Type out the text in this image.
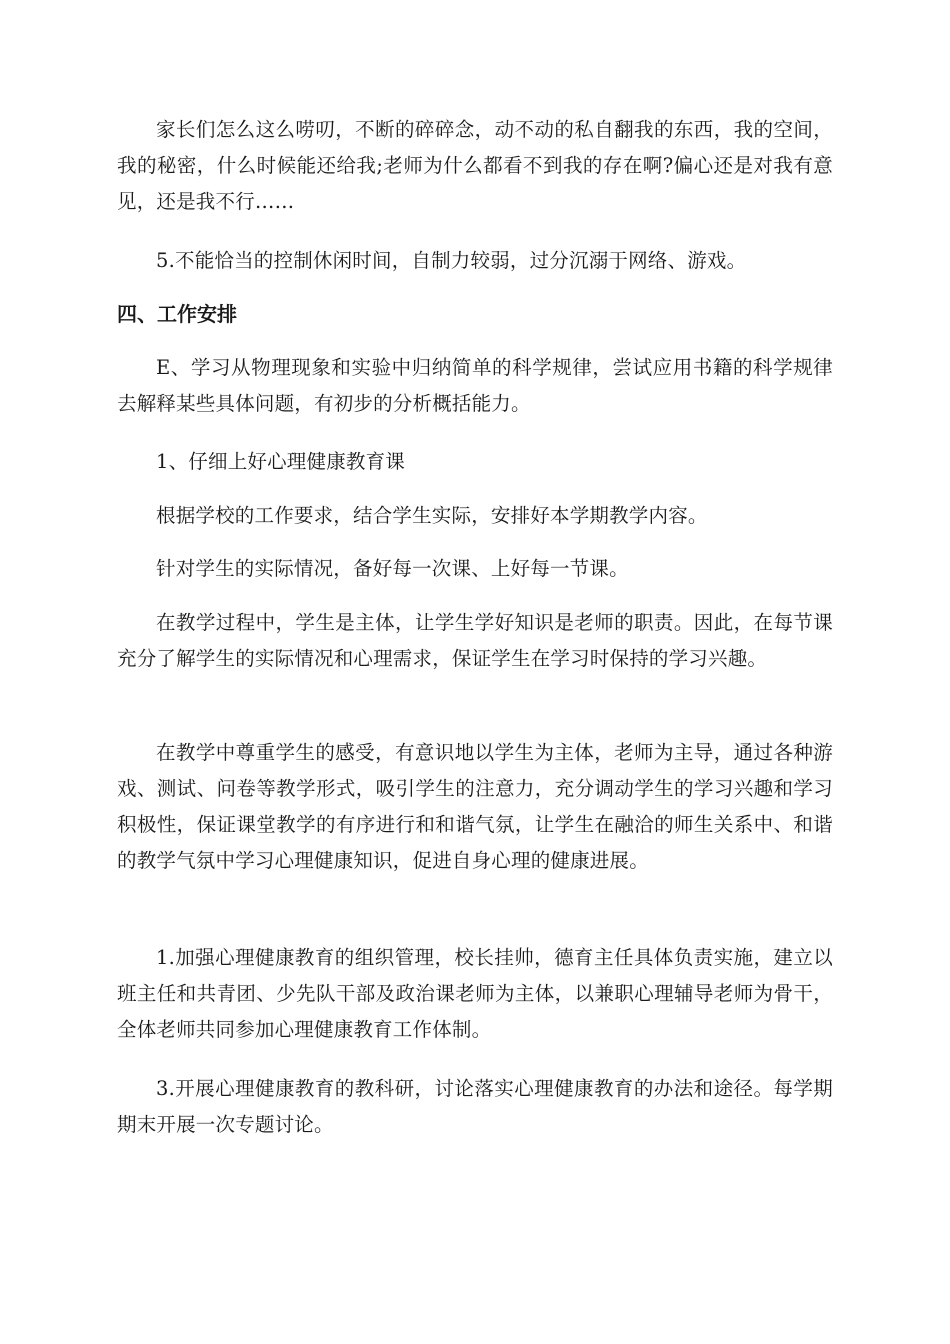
家长们怎么这么唠叨，不断的碎碎念，动不动的私自翻我的东西，我的空间，我的秘密，什么时候能还给我;老师为什么都看不到我的存在啊?偏心还是对我有意见，还是我不行……

5.不能恰当的控制休闲时间，自制力较弱，过分沉溺于网络、游戏。

四、工作安排

E、学习从物理现象和实验中归纳简单的科学规律，尝试应用书籍的科学规律去解释某些具体问题，有初步的分析概括能力。

1、仔细上好心理健康教育课

根据学校的工作要求，结合学生实际，安排好本学期教学内容。

针对学生的实际情况，备好每一次课、上好每一节课。

在教学过程中，学生是主体，让学生学好知识是老师的职责。因此，在每节课充分了解学生的实际情况和心理需求，保证学生在学习时保持的学习兴趣。

在教学中尊重学生的感受，有意识地以学生为主体，老师为主导，通过各种游戏、测试、问卷等教学形式，吸引学生的注意力，充分调动学生的学习兴趣和学习积极性，保证课堂教学的有序进行和和谐气氛，让学生在融洽的师生关系中、和谐的教学气氛中学习心理健康知识，促进自身心理的健康进展。

1.加强心理健康教育的组织管理，校长挂帅，德育主任具体负责实施，建立以班主任和共青团、少先队干部及政治课老师为主体，以兼职心理辅导老师为骨干，全体老师共同参加心理健康教育工作体制。

3.开展心理健康教育的教科研，讨论落实心理健康教育的办法和途径。每学期期末开展一次专题讨论。
